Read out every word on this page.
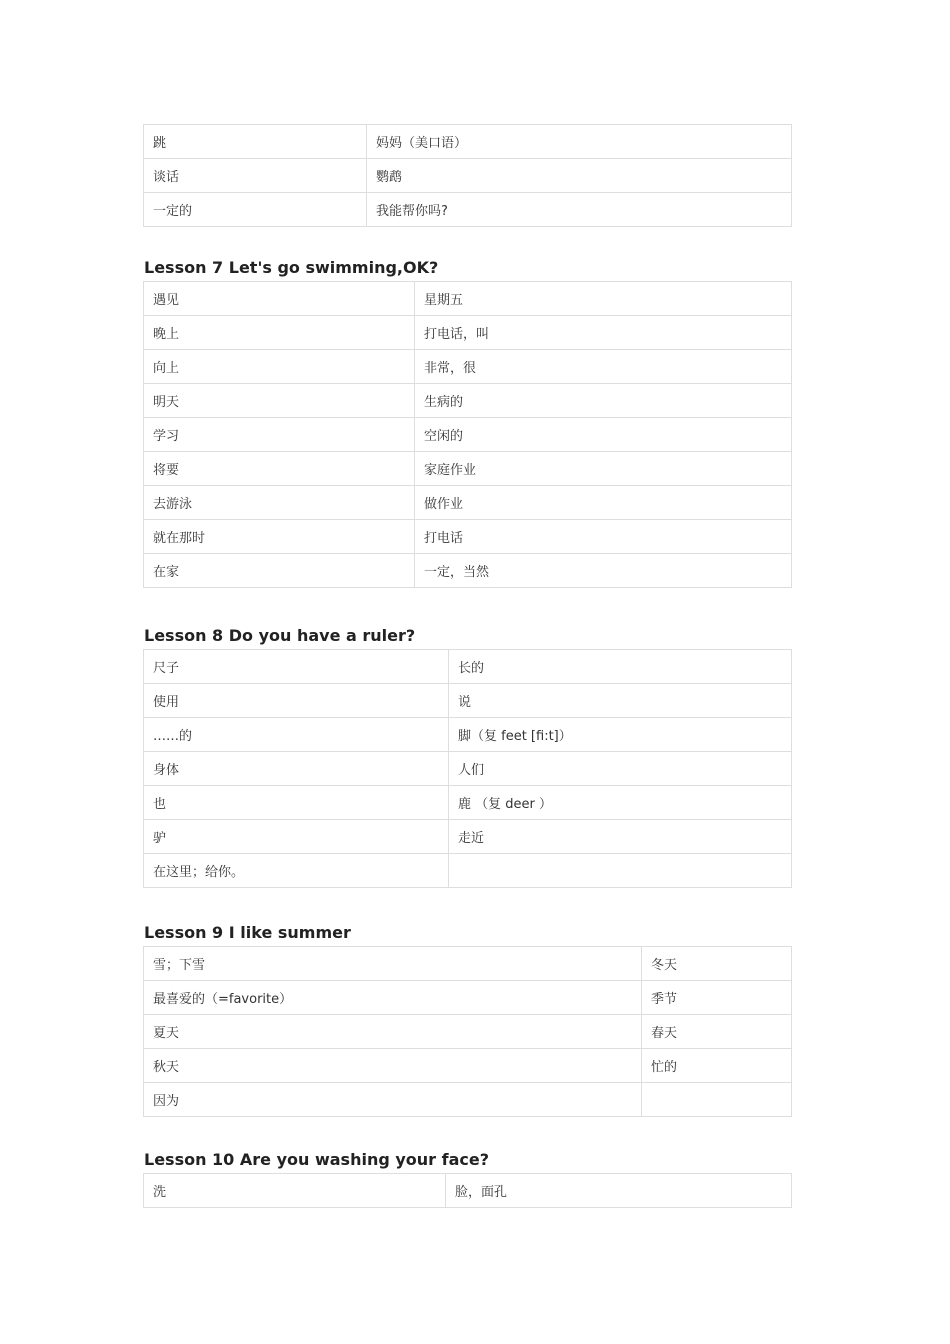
跳	妈妈（美口语）
谈话	鹦鹉
一定的	我能帮你吗?
Lesson 7 Let's go swimming,OK?
遇见	星期五
晚上	打电话，叫
向上	非常，很
明天	生病的
学习	空闲的
将要	家庭作业
去游泳	做作业
就在那时	打电话
在家	一定，当然
Lesson 8 Do you have a ruler?
尺子	长的
使用	说
……的	脚（复 feet [fi:t]）
身体	人们
也	鹿 （复 deer ）
驴	走近
在这里；给你。	
Lesson 9 I like summer
雪；下雪	冬天
最喜爱的（=favorite）	季节
夏天	春天
秋天	忙的
因为	
Lesson 10 Are you washing your face?
洗	脸，面孔
